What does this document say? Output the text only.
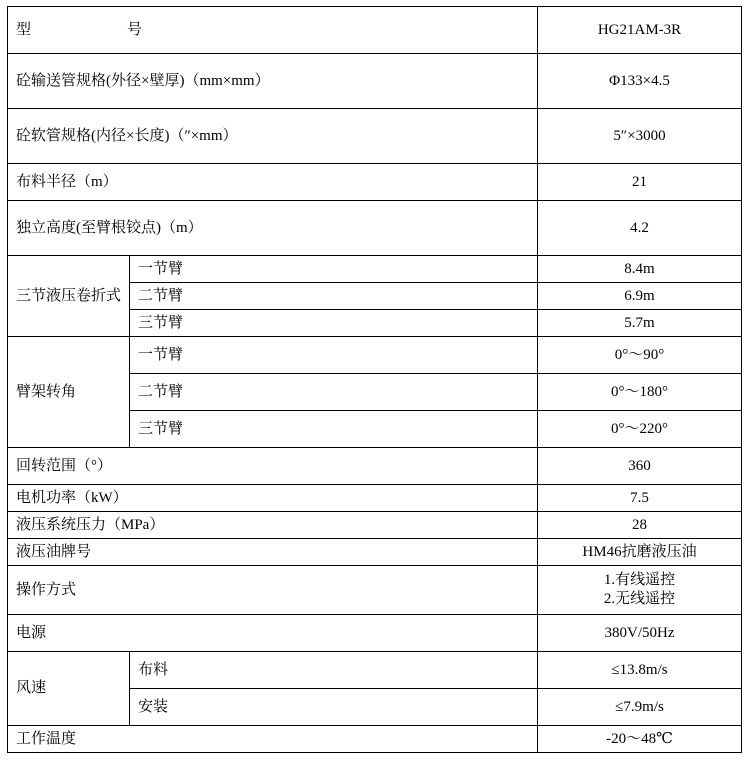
型 号		HG21AM-3R
砼输送管规格(外径×壁厚)（mm×mm）		Φ133×4.5
砼软管规格(内径×长度)（″×mm）		5″×3000
布料半径（m）		21
独立高度(至臂根铰点)（m）		4.2
三节液压卷折式	一节臂	8.4m
	二节臂	6.9m
	三节臂	5.7m
臂架转角	一节臂	0°～90°
	二节臂	0°～180°
	三节臂	0°～220°
回转范围（°）		360
电机功率（kW）		7.5
液压系统压力（MPa）		28
液压油牌号		HM46抗磨液压油
操作方式		1.有线遥控
2.无线遥控

电源		380V/50Hz
风速	布料	≤13.8m/s
	安装	≤7.9m/s
工作温度		-20～48℃
